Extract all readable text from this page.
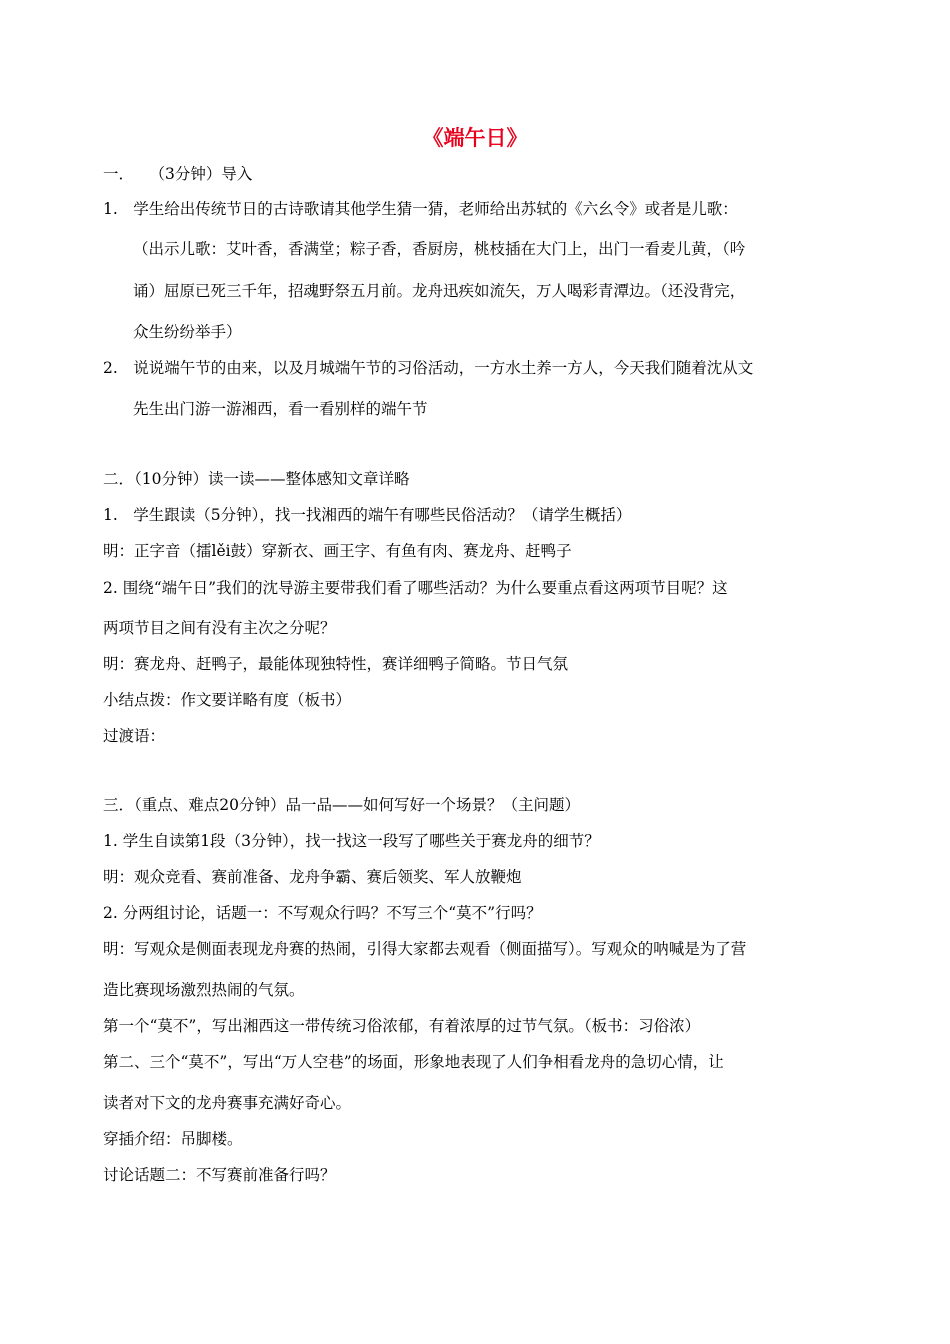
《端午日》
一．　　（3分钟）导入
1.　学生给出传统节日的古诗歌请其他学生猜一猜，老师给出苏轼的《六幺令》或者是儿歌：
（出示儿歌：艾叶香，香满堂；粽子香，香厨房，桃枝插在大门上，出门一看麦儿黄，（吟
诵）屈原已死三千年，招魂野祭五月前。龙舟迅疾如流矢，万人喝彩青潭边。（还没背完，
众生纷纷举手）
2.　说说端午节的由来，以及月城端午节的习俗活动，一方水土养一方人，今天我们随着沈从文
先生出门游一游湘西，看一看别样的端午节
二．（10分钟）读一读——整体感知文章详略
1.　学生跟读（5分钟），找一找湘西的端午有哪些民俗活动？（请学生概括）
明：正字音（擂lěi鼓）穿新衣、画王字、有鱼有肉、赛龙舟、赶鸭子
2. 围绕“端午日”我们的沈导游主要带我们看了哪些活动？为什么要重点看这两项节目呢？这
两项节目之间有没有主次之分呢？
明：赛龙舟、赶鸭子，最能体现独特性，赛详细鸭子简略。节日气氛
小结点拨：作文要详略有度（板书）
过渡语：
三．（重点、难点20分钟）品一品——如何写好一个场景？（主问题）
1. 学生自读第1段（3分钟），找一找这一段写了哪些关于赛龙舟的细节？
明：观众竞看、赛前准备、龙舟争霸、赛后领奖、军人放鞭炮
2. 分两组讨论，话题一：不写观众行吗？不写三个“莫不”行吗？
明：写观众是侧面表现龙舟赛的热闹，引得大家都去观看（侧面描写）。写观众的呐喊是为了营
造比赛现场激烈热闹的气氛。
第一个“莫不”，写出湘西这一带传统习俗浓郁，有着浓厚的过节气氛。（板书：习俗浓）
第二、三个“莫不”，写出“万人空巷”的场面，形象地表现了人们争相看龙舟的急切心情，让
读者对下文的龙舟赛事充满好奇心。
穿插介绍：吊脚楼。
讨论话题二：不写赛前准备行吗？
